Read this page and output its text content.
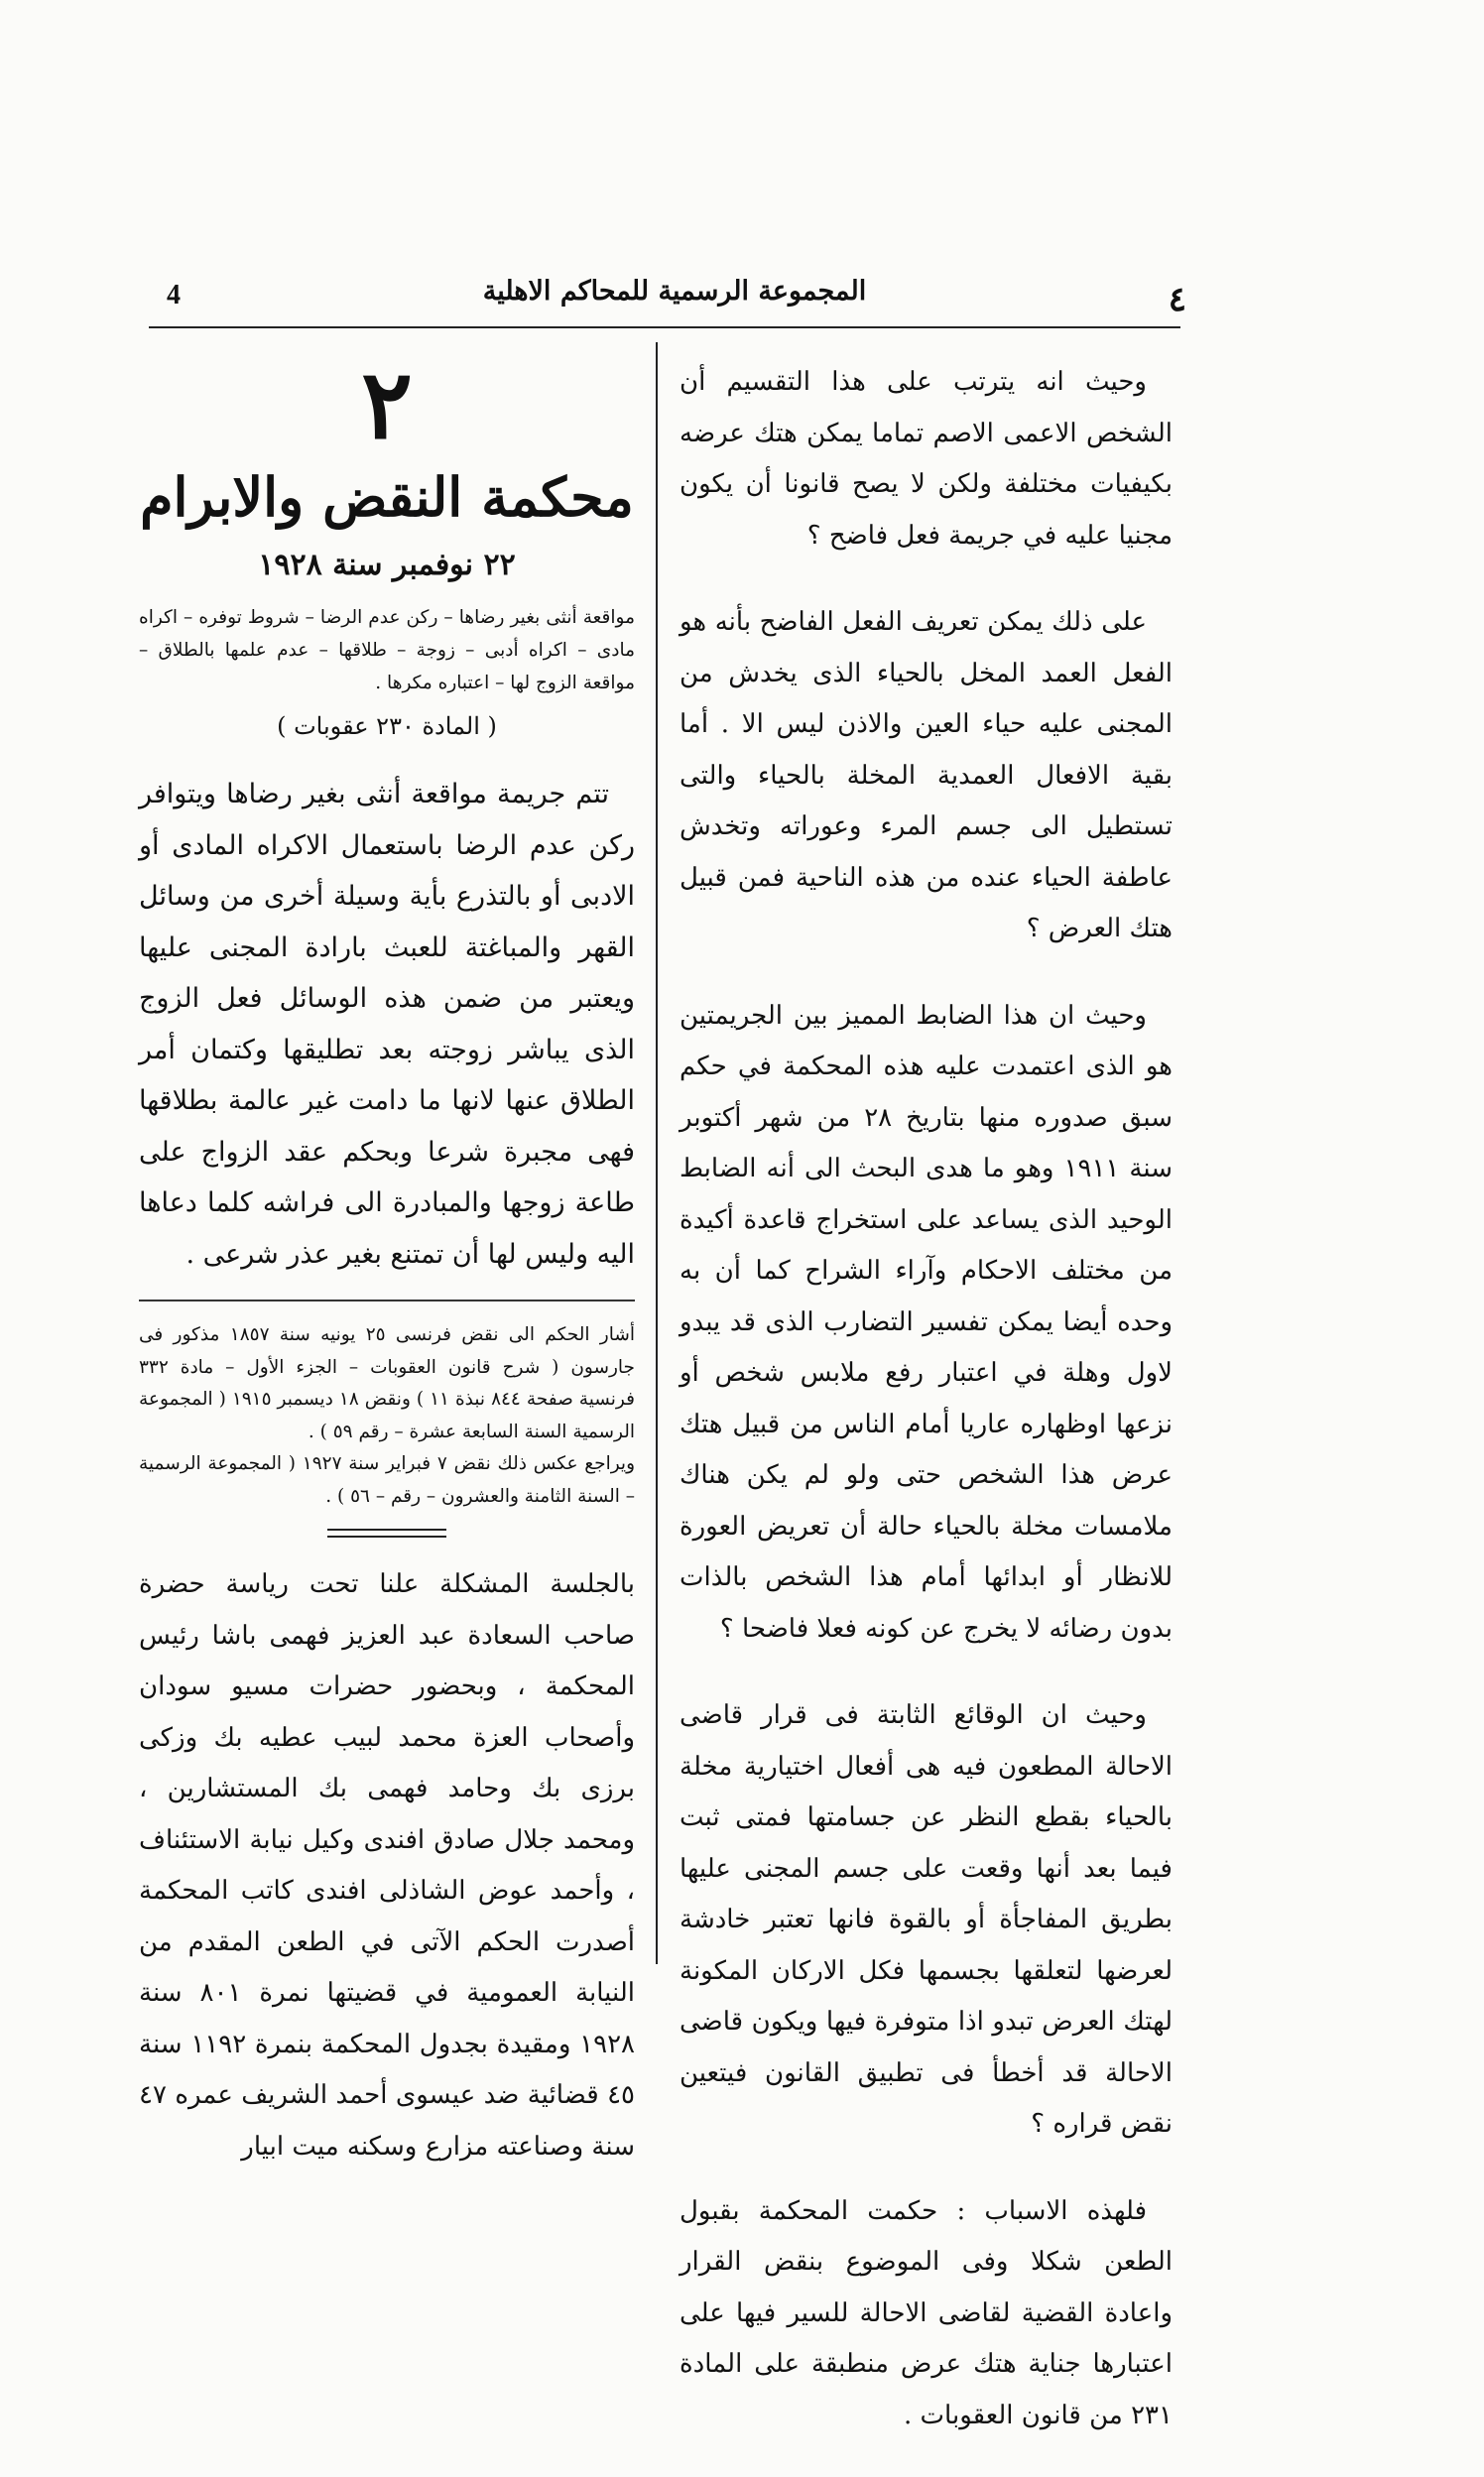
٤
المجموعة الرسمية للمحاكم الاهلية
4

وحيث انه يترتب على هذا التقسيم أن الشخص الاعمى الاصم تماما يمكن هتك عرضه بكيفيات مختلفة ولكن لا يصح قانونا أن يكون مجنيا عليه في جريمة فعل فاضح ؟

على ذلك يمكن تعريف الفعل الفاضح بأنه هو الفعل العمد المخل بالحياء الذى يخدش من المجنى عليه حياء العين والاذن ليس الا . أما بقية الافعال العمدية المخلة بالحياء والتى تستطيل الى جسم المرء وعوراته وتخدش عاطفة الحياء عنده من هذه الناحية فمن قبيل هتك العرض ؟

وحيث ان هذا الضابط المميز بين الجريمتين هو الذى اعتمدت عليه هذه المحكمة في حكم سبق صدوره منها بتاريخ ٢٨ من شهر أكتوبر سنة ١٩١١ وهو ما هدى البحث الى أنه الضابط الوحيد الذى يساعد على استخراج قاعدة أكيدة من مختلف الاحكام وآراء الشراح كما أن به وحده أيضا يمكن تفسير التضارب الذى قد يبدو لاول وهلة في اعتبار رفع ملابس شخص أو نزعها اوظهاره عاريا أمام الناس من قبيل هتك عرض هذا الشخص حتى ولو لم يكن هناك ملامسات مخلة بالحياء حالة أن تعريض العورة للانظار أو ابدائها أمام هذا الشخص بالذات بدون رضائه لا يخرج عن كونه فعلا فاضحا ؟

وحيث ان الوقائع الثابتة فى قرار قاضى الاحالة المطعون فيه هى أفعال اختيارية مخلة بالحياء بقطع النظر عن جسامتها فمتى ثبت فيما بعد أنها وقعت على جسم المجنى عليها بطريق المفاجأة أو بالقوة فانها تعتبر خادشة لعرضها لتعلقها بجسمها فكل الاركان المكونة لهتك العرض تبدو اذا متوفرة فيها ويكون قاضى الاحالة قد أخطأ فى تطبيق القانون فيتعين نقض قراره ؟

فلهذه الاسباب : حكمت المحكمة بقبول الطعن شكلا وفى الموضوع بنقض القرار واعادة القضية لقاضى الاحالة للسير فيها على اعتبارها جناية هتك عرض منطبقة على المادة ٢٣١ من قانون العقوبات .

٢
محكمة النقض والابرام
٢٢ نوفمبر سنة ١٩٢٨

مواقعة أنثى بغير رضاها – ركن عدم الرضا – شروط توفره – اكراه مادى – اكراه أدبى – زوجة – طلاقها – عدم علمها بالطلاق – مواقعة الزوج لها – اعتباره مكرها .

( المادة ٢٣٠ عقوبات )

تتم جريمة مواقعة أنثى بغير رضاها ويتوافر ركن عدم الرضا باستعمال الاكراه المادى أو الادبى أو بالتذرع بأية وسيلة أخرى من وسائل القهر والمباغتة للعبث بارادة المجنى عليها ويعتبر من ضمن هذه الوسائل فعل الزوج الذى يباشر زوجته بعد تطليقها وكتمان أمر الطلاق عنها لانها ما دامت غير عالمة بطلاقها فهى مجبرة شرعا وبحكم عقد الزواج على طاعة زوجها والمبادرة الى فراشه كلما دعاها اليه وليس لها أن تمتنع بغير عذر شرعى .

أشار الحكم الى نقض فرنسى ٢٥ يونيه سنة ١٨٥٧ مذكور فى جارسون ( شرح قانون العقوبات – الجزء الأول – مادة ٣٣٢ فرنسية صفحة ٨٤٤ نبذة ١١ ) ونقض ١٨ ديسمبر ١٩١٥ ( المجموعة الرسمية السنة السابعة عشرة – رقم ٥٩ ) .

ويراجع عكس ذلك نقض ٧ فبراير سنة ١٩٢٧ ( المجموعة الرسمية – السنة الثامنة والعشرون – رقم – ٥٦ ) .

بالجلسة المشكلة علنا تحت رياسة حضرة صاحب السعادة عبد العزيز فهمى باشا رئيس المحكمة ، وبحضور حضرات مسيو سودان وأصحاب العزة محمد لبيب عطيه بك وزكى برزى بك وحامد فهمى بك المستشارين ، ومحمد جلال صادق افندى وكيل نيابة الاستئناف ، وأحمد عوض الشاذلى افندى كاتب المحكمة أصدرت الحكم الآتى في الطعن المقدم من النيابة العمومية في قضيتها نمرة ٨٠١ سنة ١٩٢٨ ومقيدة بجدول المحكمة بنمرة ١١٩٢ سنة ٤٥ قضائية ضد عيسوى أحمد الشريف عمره ٤٧ سنة وصناعته مزارع وسكنه ميت ابيار
